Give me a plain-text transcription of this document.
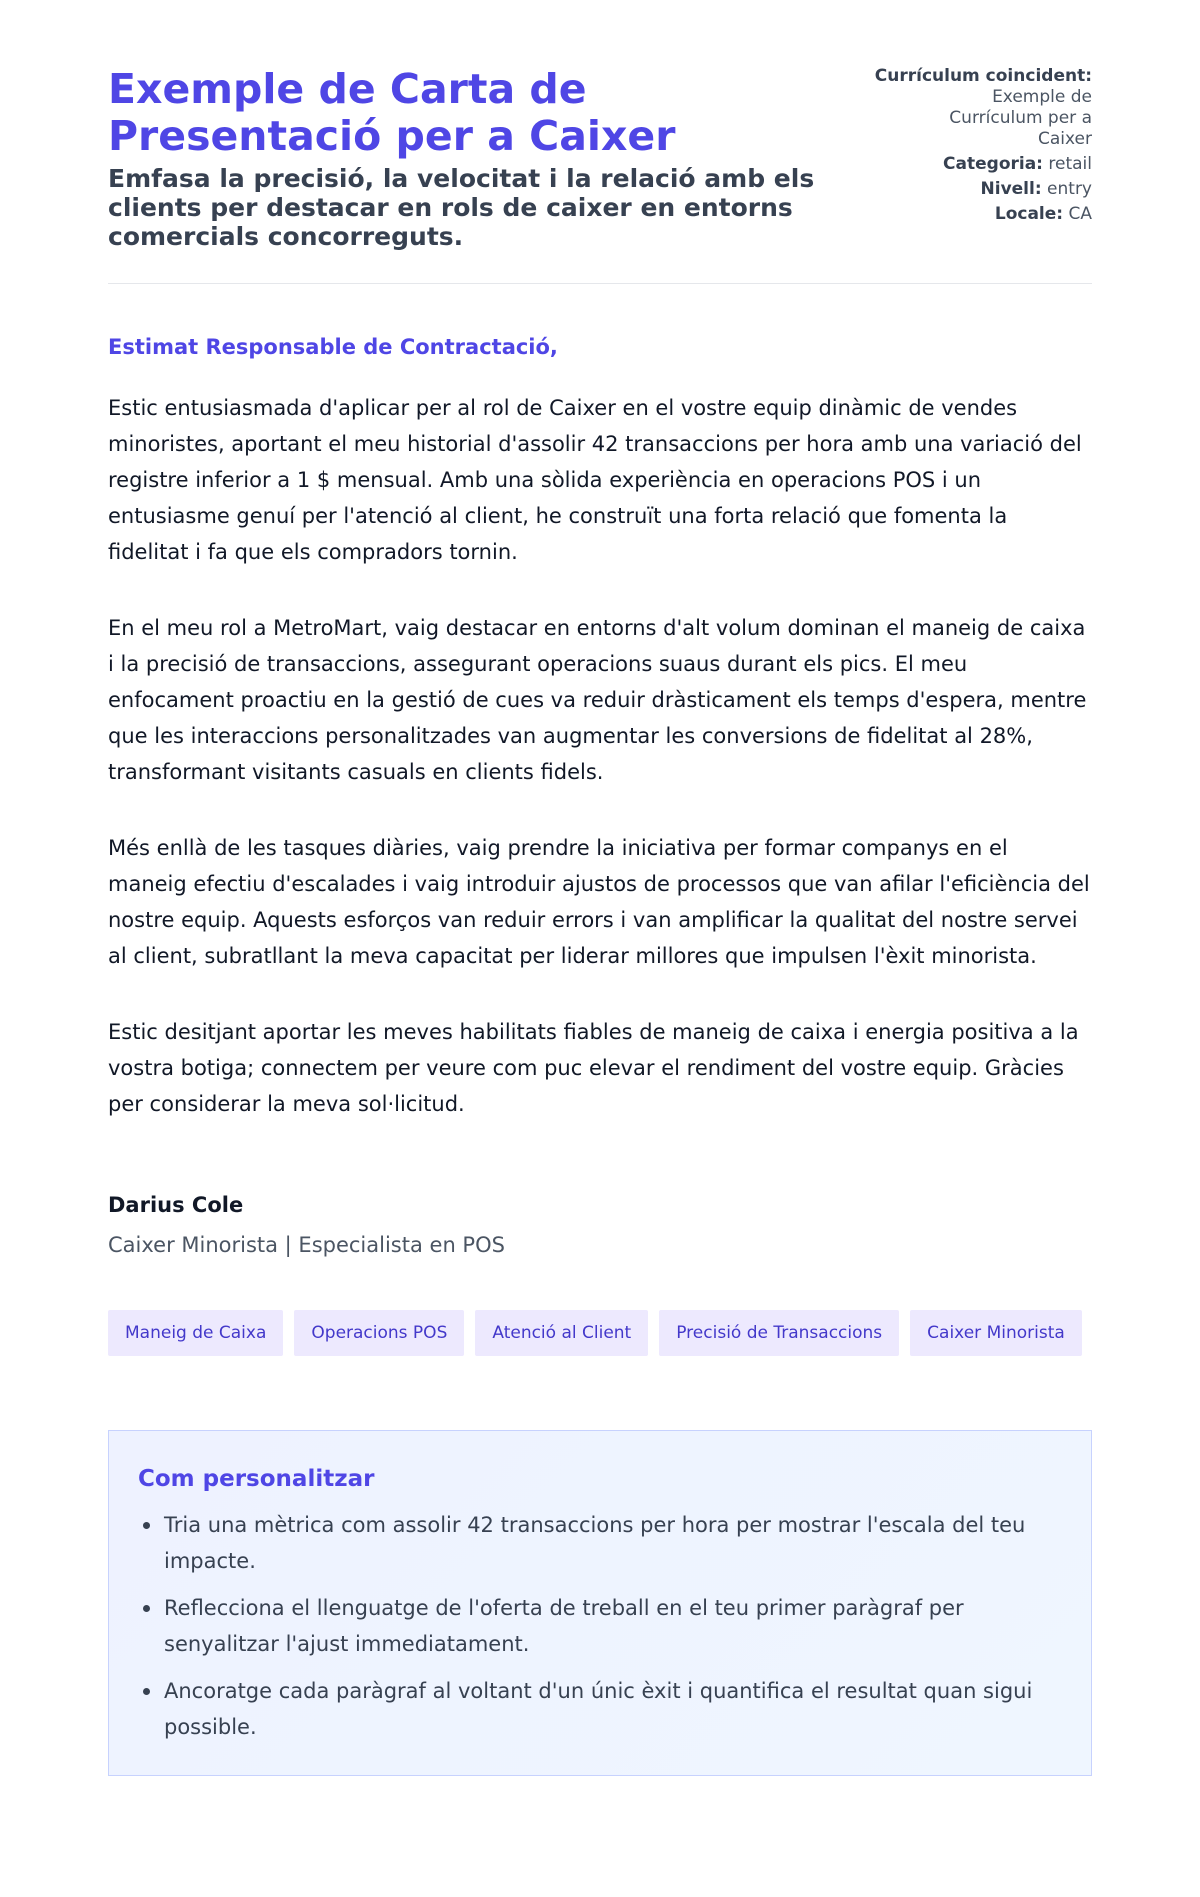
Exemple de Carta de Presentació per a Caixer

Emfasa la precisió, la velocitat i la relació amb els clients per destacar en rols de caixer en entorns comercials concorreguts.

Currículum coincident:
Exemple de Currículum per a Caixer
Categoria: retail
Nivell: entry
Locale: CA

Estimat Responsable de Contractació,

Estic entusiasmada d'aplicar per al rol de Caixer en el vostre equip dinàmic de vendes minoristes, aportant el meu historial d'assolir 42 transaccions per hora amb una variació del registre inferior a 1 $ mensual. Amb una sòlida experiència en operacions POS i un entusiasme genuí per l'atenció al client, he construït una forta relació que fomenta la fidelitat i fa que els compradors tornin.

En el meu rol a MetroMart, vaig destacar en entorns d'alt volum dominan el maneig de caixa i la precisió de transaccions, assegurant operacions suaus durant els pics. El meu enfocament proactiu en la gestió de cues va reduir dràsticament els temps d'espera, mentre que les interaccions personalitzades van augmentar les conversions de fidelitat al 28%, transformant visitants casuals en clients fidels.

Més enllà de les tasques diàries, vaig prendre la iniciativa per formar companys en el maneig efectiu d'escalades i vaig introduir ajustos de processos que van afilar l'eficiència del nostre equip. Aquests esforços van reduir errors i van amplificar la qualitat del nostre servei al client, subratllant la meva capacitat per liderar millores que impulsen l'èxit minorista.

Estic desitjant aportar les meves habilitats fiables de maneig de caixa i energia positiva a la vostra botiga; connectem per veure com puc elevar el rendiment del vostre equip. Gràcies per considerar la meva sol·licitud.

Darius Cole
Caixer Minorista | Especialista en POS
Maneig de Caixa	Operacions POS	Atenció al Client	Precisió de Transaccions	Caixer Minorista
Com personalitzar
Tria una mètrica com assolir 42 transaccions per hora per mostrar l'escala del teu impacte.
Reflecciona el llenguatge de l'oferta de treball en el teu primer paràgraf per senyalitzar l'ajust immediatament.
Ancoratge cada paràgraf al voltant d'un únic èxit i quantifica el resultat quan sigui possible.
